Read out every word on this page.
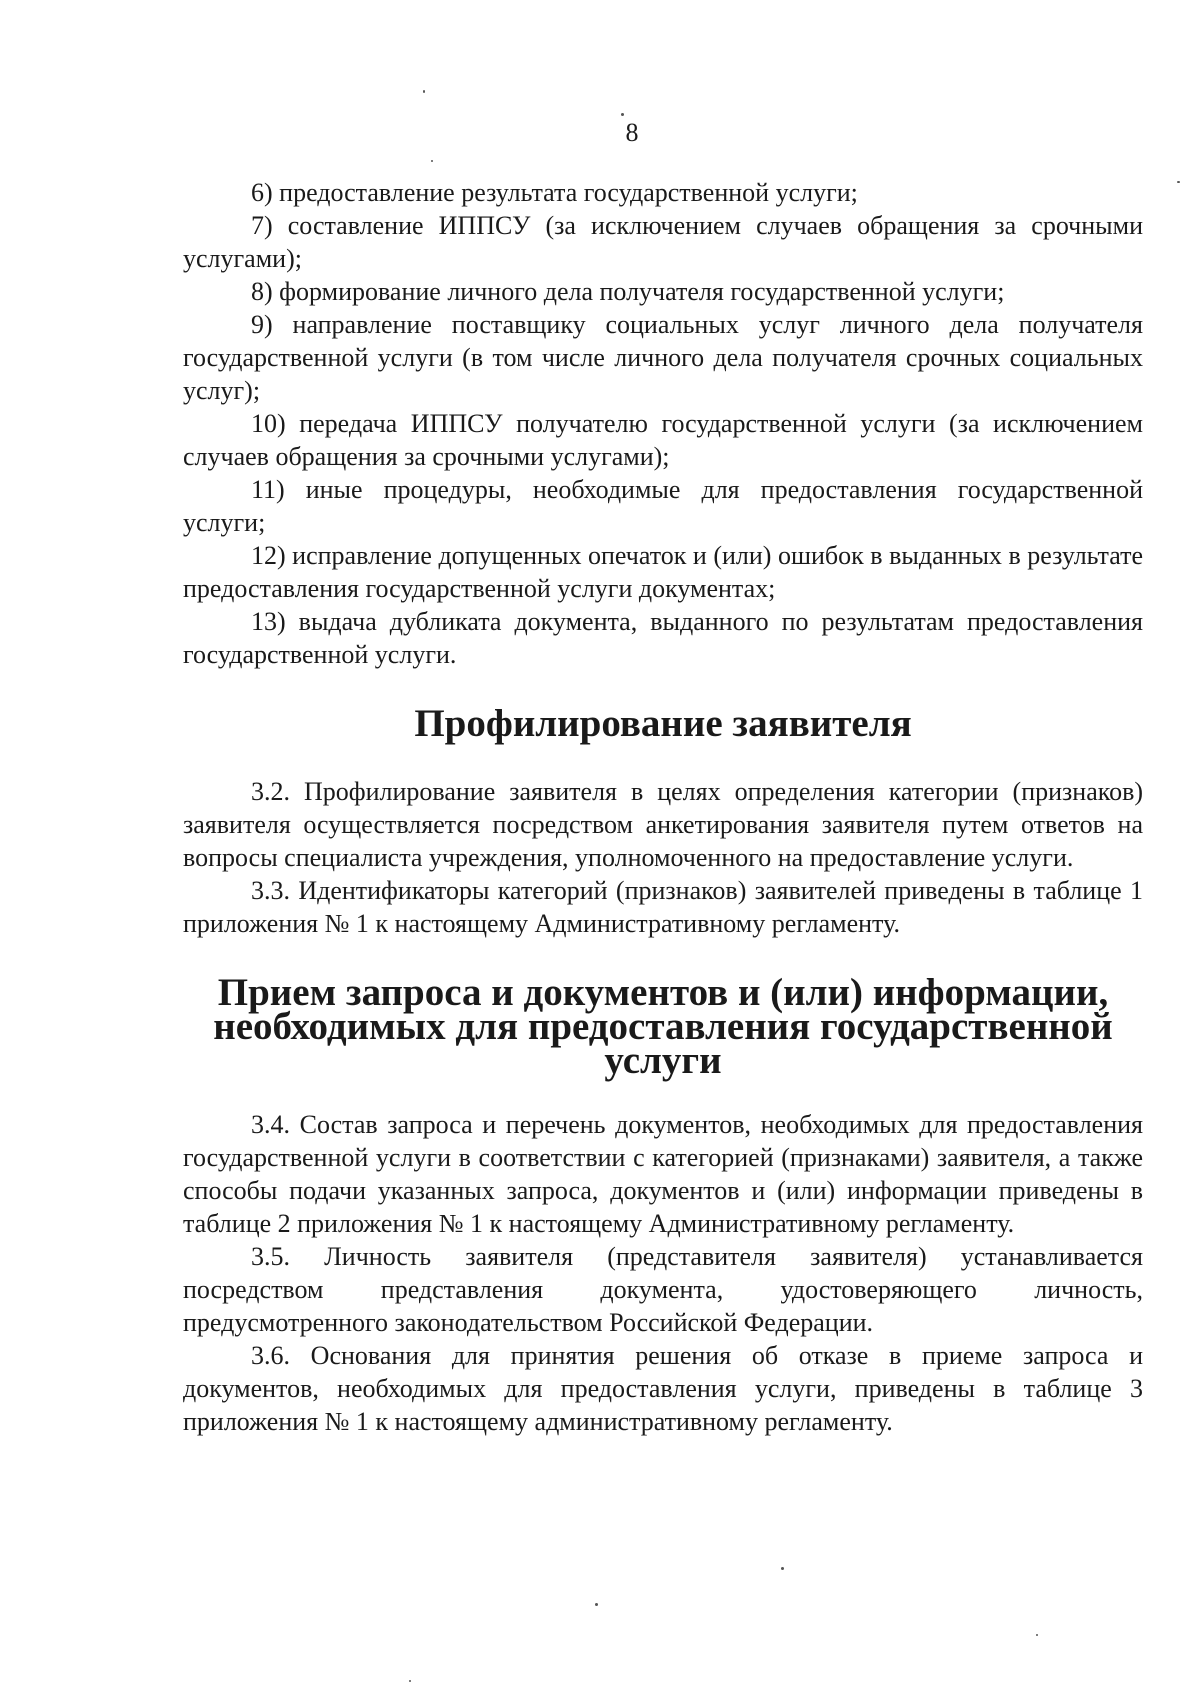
8

6) предоставление результата государственной услуги;

7) составление ИППСУ (за исключением случаев обращения за срочными услугами);

8) формирование личного дела получателя государственной услуги;

9) направление поставщику социальных услуг личного дела получателя государственной услуги (в том числе личного дела получателя срочных социальных услуг);

10) передача ИППСУ получателю государственной услуги (за исключением случаев обращения за срочными услугами);

11) иные процедуры, необходимые для предоставления государственной услуги;

12) исправление допущенных опечаток и (или) ошибок в выданных в результате предоставления государственной услуги документах;

13) выдача дубликата документа, выданного по результатам предоставления государственной услуги.

Профилирование заявителя

3.2. Профилирование заявителя в целях определения категории (признаков) заявителя осуществляется посредством анкетирования заявителя путем ответов на вопросы специалиста учреждения, уполномоченного на предоставление услуги.

3.3. Идентификаторы категорий (признаков) заявителей приведены в таблице 1 приложения № 1 к настоящему Административному регламенту.

Прием запроса и документов и (или) информации, необходимых для предоставления государственной услуги

3.4. Состав запроса и перечень документов, необходимых для предоставления государственной услуги в соответствии с категорией (признаками) заявителя, а также способы подачи указанных запроса, документов и (или) информации приведены в таблице 2 приложения № 1 к настоящему Административному регламенту.

3.5. Личность заявителя (представителя заявителя) устанавливается посредством представления документа, удостоверяющего личность, предусмотренного законодательством Российской Федерации.

3.6. Основания для принятия решения об отказе в приеме запроса и документов, необходимых для предоставления услуги, приведены в таблице 3 приложения № 1 к настоящему административному регламенту.
